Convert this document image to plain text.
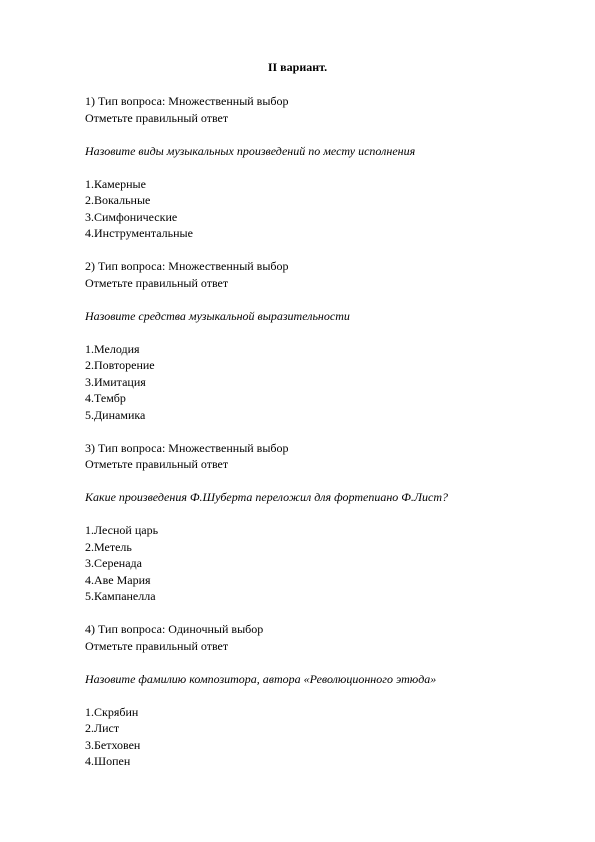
II вариант.
1) Тип вопроса: Множественный выбор
Отметьте правильный ответ
Назовите виды музыкальных произведений по месту исполнения
1.Камерные
2.Вокальные
3.Симфонические
4.Инструментальные
2) Тип вопроса: Множественный выбор
Отметьте правильный ответ
Назовите средства музыкальной выразительности
1.Мелодия
2.Повторение
3.Имитация
4.Тембр
5.Динамика
3) Тип вопроса: Множественный выбор
Отметьте правильный ответ
Какие произведения Ф.Шуберта переложил для фортепиано Ф.Лист?
1.Лесной царь
2.Метель
3.Серенада
4.Аве Мария
5.Кампанелла
4) Тип вопроса: Одиночный выбор
Отметьте правильный ответ
Назовите фамилию композитора, автора «Революционного этюда»
1.Скрябин
2.Лист
3.Бетховен
4.Шопен
